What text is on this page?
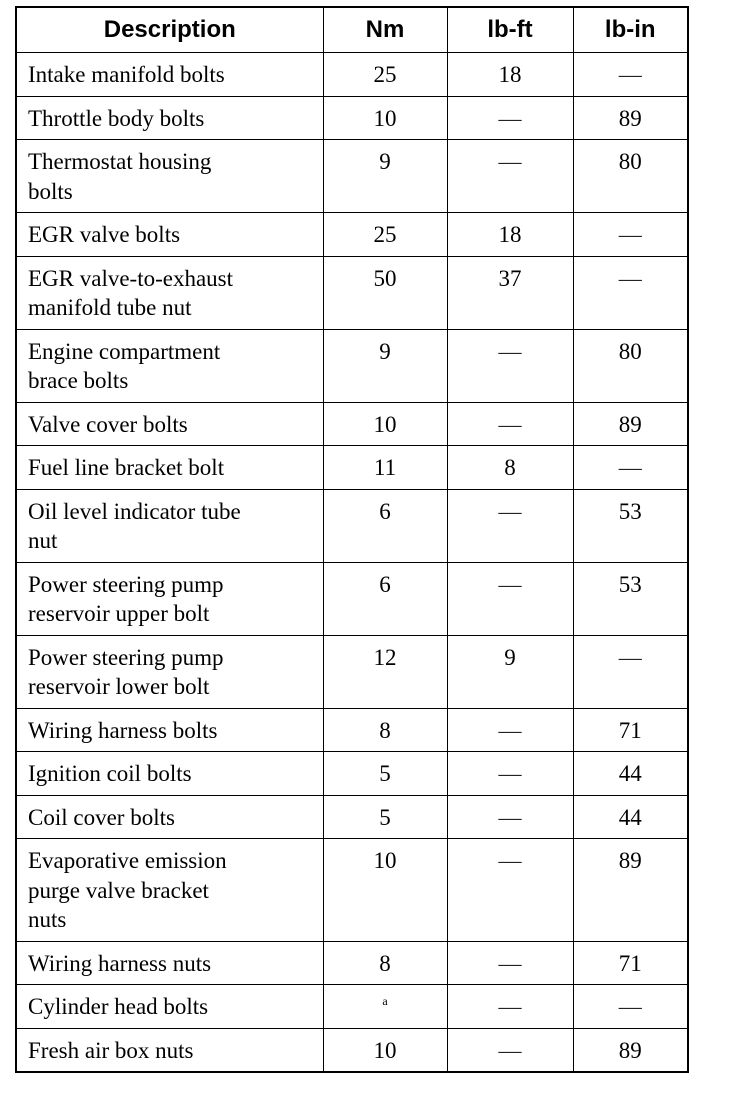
Description	Nm	lb-ft	lb-in
Intake manifold bolts	25	18	—
Throttle body bolts	10	—	89
Thermostat housing
bolts	9	—	80
EGR valve bolts	25	18	—
EGR valve-to-exhaust
manifold tube nut	50	37	—
Engine compartment
brace bolts	9	—	80
Valve cover bolts	10	—	89
Fuel line bracket bolt	11	8	—
Oil level indicator tube
nut	6	—	53
Power steering pump
reservoir upper bolt	6	—	53
Power steering pump
reservoir lower bolt	12	9	—
Wiring harness bolts	8	—	71
Ignition coil bolts	5	—	44
Coil cover bolts	5	—	44
Evaporative emission
purge valve bracket
nuts	10	—	89
Wiring harness nuts	8	—	71
Cylinder head bolts	$^a$	—	—
Fresh air box nuts	10	—	89
